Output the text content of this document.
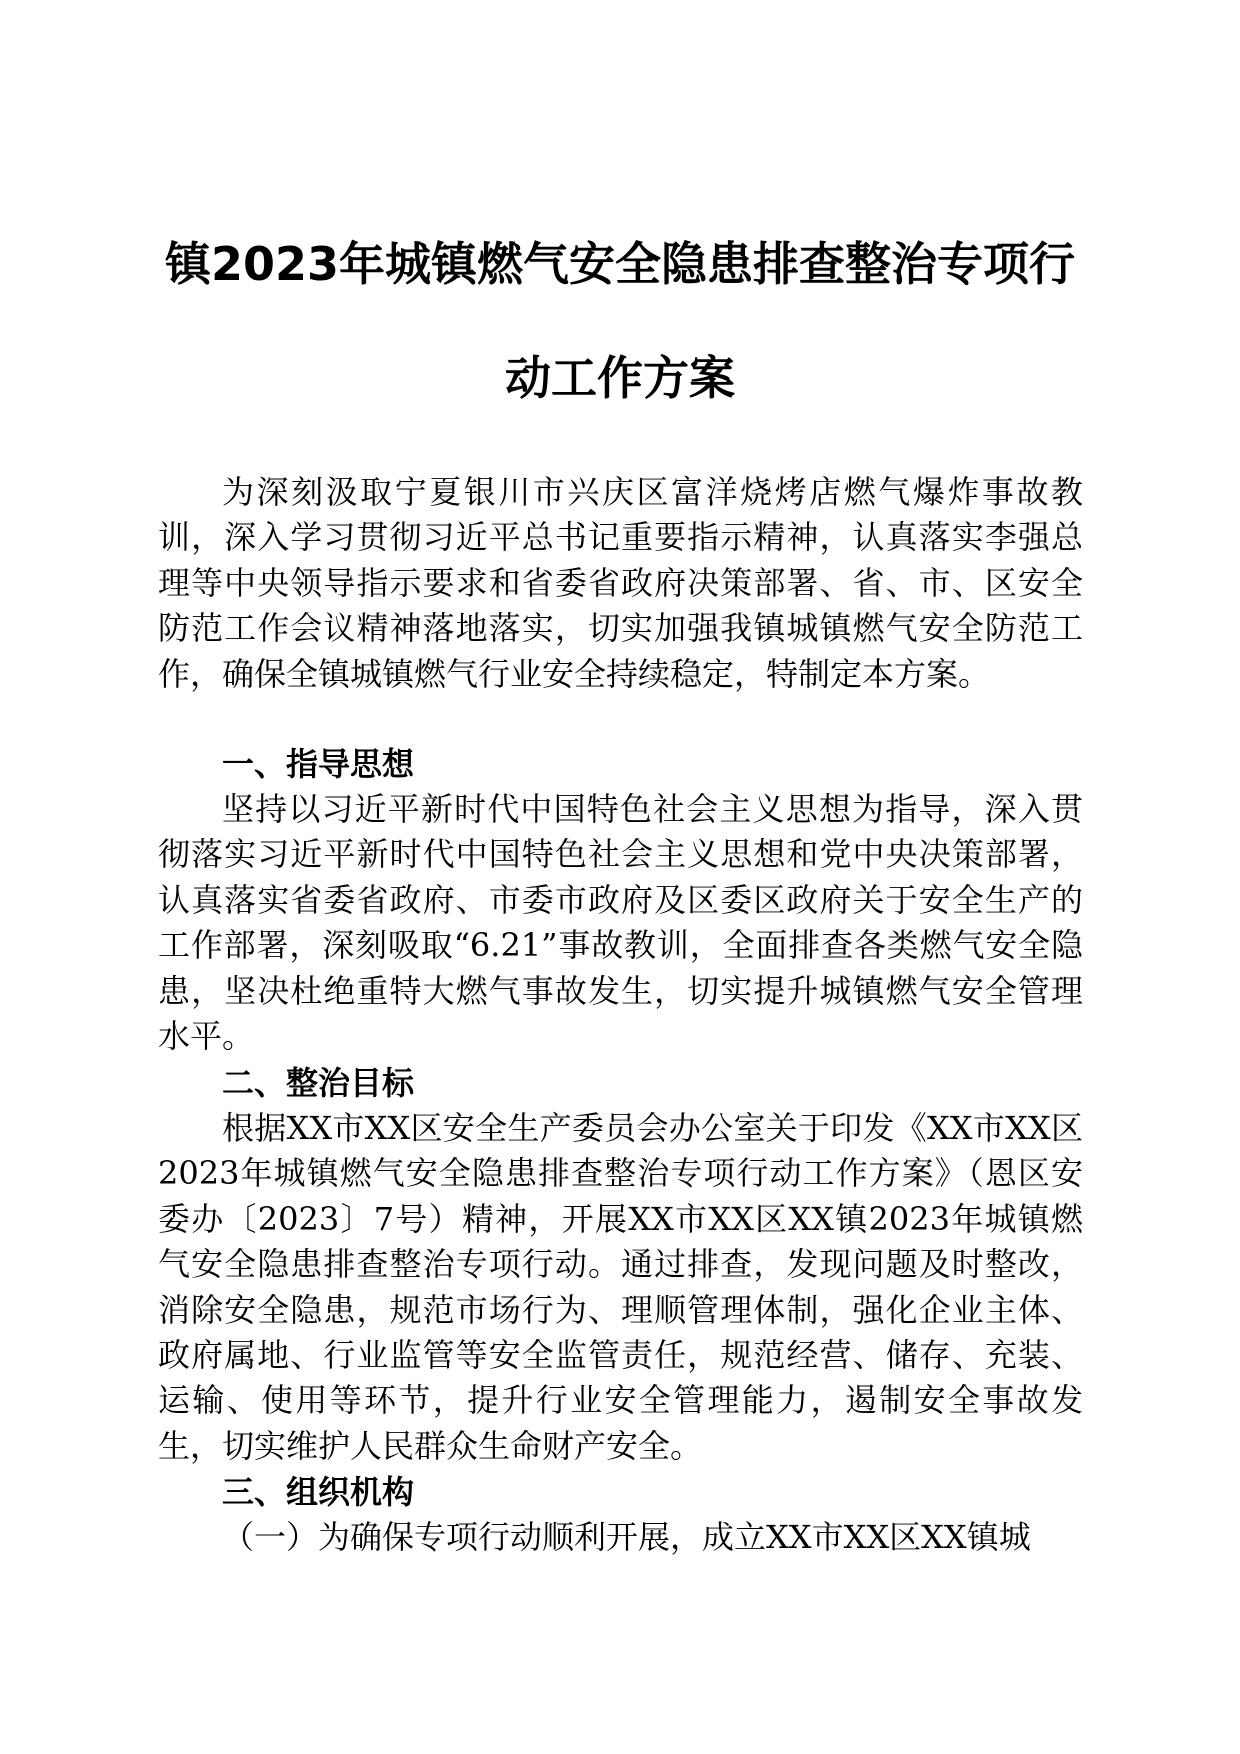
镇2023年城镇燃气安全隐患排查整治专项行
动工作方案

为深刻汲取宁夏银川市兴庆区富洋烧烤店燃气爆炸事故教训，深入学习贯彻习近平总书记重要指示精神，认真落实李强总理等中央领导指示要求和省委省政府决策部署、省、市、区安全防范工作会议精神落地落实，切实加强我镇城镇燃气安全防范工作，确保全镇城镇燃气行业安全持续稳定，特制定本方案。

一、指导思想

坚持以习近平新时代中国特色社会主义思想为指导，深入贯彻落实习近平新时代中国特色社会主义思想和党中央决策部署，认真落实省委省政府、市委市政府及区委区政府关于安全生产的工作部署，深刻吸取“6.21”事故教训，全面排查各类燃气安全隐患，坚决杜绝重特大燃气事故发生，切实提升城镇燃气安全管理水平。

二、整治目标

根据XX市XX区安全生产委员会办公室关于印发《XX市XX区2023年城镇燃气安全隐患排查整治专项行动工作方案》（恩区安委办〔2023〕7号）精神，开展XX市XX区XX镇2023年城镇燃气安全隐患排查整治专项行动。通过排查，发现问题及时整改，消除安全隐患，规范市场行为、理顺管理体制，强化企业主体、政府属地、行业监管等安全监管责任，规范经营、储存、充装、运输、使用等环节，提升行业安全管理能力，遏制安全事故发生，切实维护人民群众生命财产安全。

三、组织机构

（一）为确保专项行动顺利开展，成立XX市XX区XX镇城
